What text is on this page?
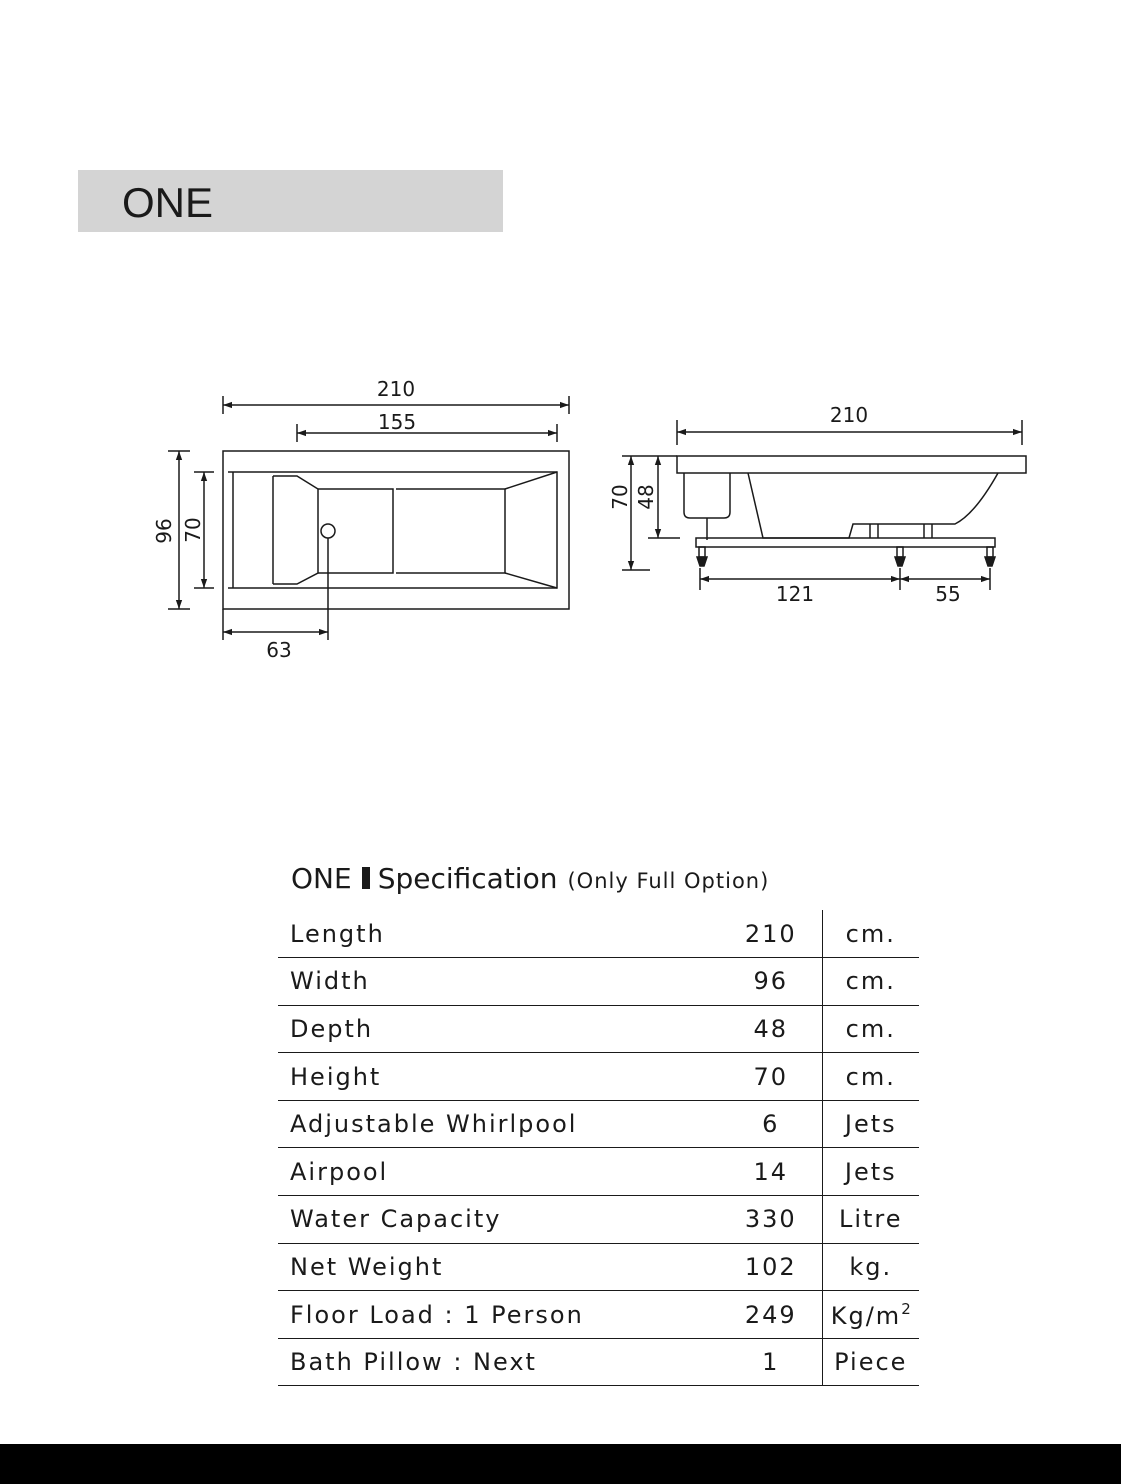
ONE
210
155
96 70
63
210
70 48
121	55
ONE Specification (Only Full Option)
Length	210	cm.
Width	96	cm.
Depth	48	cm.
Height	70	cm.
Adjustable Whirlpool	6	Jets
Airpool	14	Jets
Water Capacity	330	Litre
Net Weight	102	kg.
Floor Load : 1 Person	249	$Kg/m^2$
Bath Pillow : Next	1	Piece
